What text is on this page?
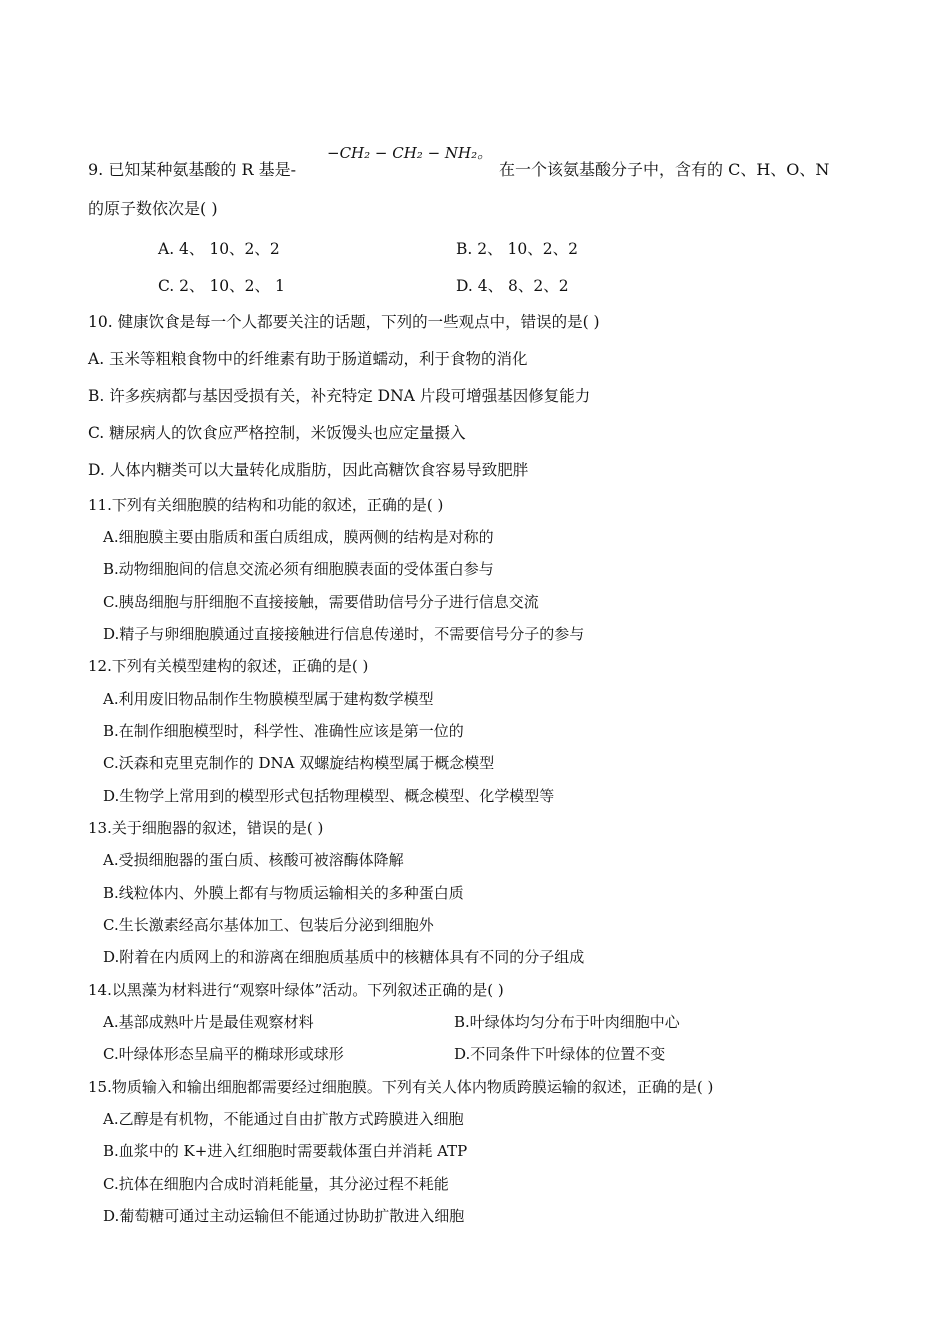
9. 已知某种氨基酸的 R 基是-
−CH₂ − CH₂ − NH₂。
在一个该氨基酸分子中，含有的 C、H、O、N
的原子数依次是( )
A. 4、 10、2、2	B. 2、 10、2、2
C. 2、 10、2、 1	D. 4、 8、2、2
10. 健康饮食是每一个人都要关注的话题，下列的一些观点中，错误的是( )
A. 玉米等粗粮食物中的纤维素有助于肠道蠕动，利于食物的消化
B. 许多疾病都与基因受损有关，补充特定 DNA 片段可增强基因修复能力
C. 糖尿病人的饮食应严格控制，米饭馒头也应定量摄入
D. 人体内糖类可以大量转化成脂肪，因此高糖饮食容易导致肥胖
11.下列有关细胞膜的结构和功能的叙述，正确的是( )
A.细胞膜主要由脂质和蛋白质组成，膜两侧的结构是对称的
B.动物细胞间的信息交流必须有细胞膜表面的受体蛋白参与
C.胰岛细胞与肝细胞不直接接触，需要借助信号分子进行信息交流
D.精子与卵细胞膜通过直接接触进行信息传递时，不需要信号分子的参与
12.下列有关模型建构的叙述，正确的是( )
A.利用废旧物品制作生物膜模型属于建构数学模型
B.在制作细胞模型时，科学性、准确性应该是第一位的
C.沃森和克里克制作的 DNA 双螺旋结构模型属于概念模型
D.生物学上常用到的模型形式包括物理模型、概念模型、化学模型等
13.关于细胞器的叙述，错误的是( )
A.受损细胞器的蛋白质、核酸可被溶酶体降解
B.线粒体内、外膜上都有与物质运输相关的多种蛋白质
C.生长激素经高尔基体加工、包装后分泌到细胞外
D.附着在内质网上的和游离在细胞质基质中的核糖体具有不同的分子组成
14.以黑藻为材料进行“观察叶绿体”活动。下列叙述正确的是( )
A.基部成熟叶片是最佳观察材料	B.叶绿体均匀分布于叶肉细胞中心
C.叶绿体形态呈扁平的椭球形或球形	D.不同条件下叶绿体的位置不变
15.物质输入和输出细胞都需要经过细胞膜。下列有关人体内物质跨膜运输的叙述，正确的是( )
A.乙醇是有机物，不能通过自由扩散方式跨膜进入细胞
B.血浆中的 K+进入红细胞时需要载体蛋白并消耗 ATP
C.抗体在细胞内合成时消耗能量，其分泌过程不耗能
D.葡萄糖可通过主动运输但不能通过协助扩散进入细胞
